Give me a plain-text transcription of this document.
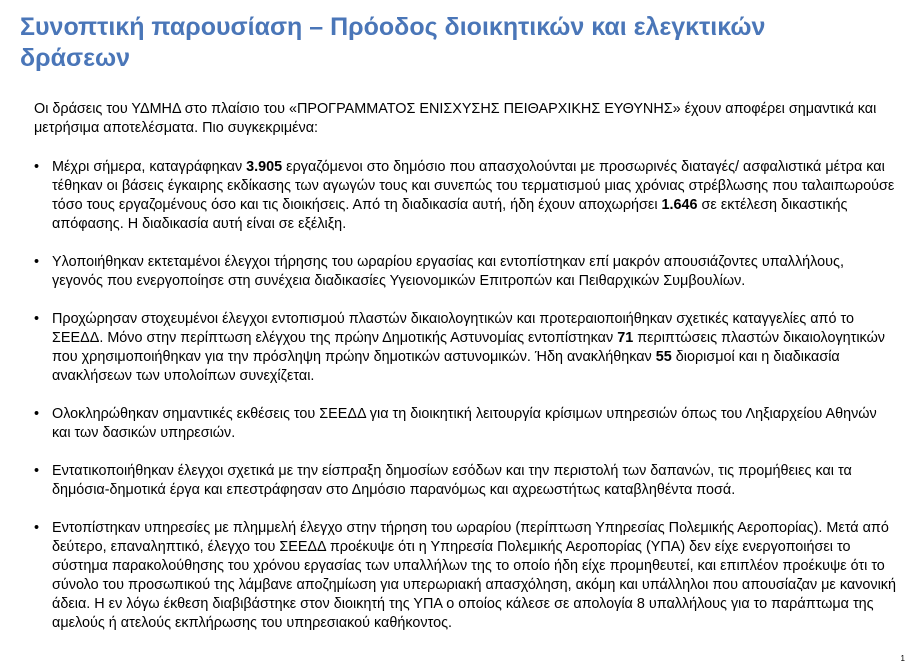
Συνοπτική παρουσίαση – Πρόοδος διοικητικών και ελεγκτικών δράσεων

Οι δράσεις του ΥΔΜΗΔ στο πλαίσιο του «ΠΡΟΓΡΑΜΜΑΤΟΣ ΕΝΙΣΧΥΣΗΣ ΠΕΙΘΑΡΧΙΚΗΣ ΕΥΘΥΝΗΣ» έχουν αποφέρει σημαντικά και μετρήσιμα αποτελέσματα. Πιο συγκεκριμένα:

• Μέχρι σήμερα, καταγράφηκαν 3.905 εργαζόμενοι στο δημόσιο που απασχολούνται με προσωρινές διαταγές/ ασφαλιστικά μέτρα και τέθηκαν οι βάσεις έγκαιρης εκδίκασης των αγωγών τους και συνεπώς του τερματισμού μιας χρόνιας στρέβλωσης που ταλαιπωρούσε τόσο τους εργαζομένους όσο και τις διοικήσεις. Από τη διαδικασία αυτή, ήδη έχουν αποχωρήσει 1.646 σε εκτέλεση δικαστικής απόφασης. Η διαδικασία αυτή είναι σε εξέλιξη.
• Υλοποιήθηκαν εκτεταμένοι έλεγχοι τήρησης του ωραρίου εργασίας και εντοπίστηκαν επί μακρόν απουσιάζοντες υπαλλήλους, γεγονός που ενεργοποίησε στη συνέχεια διαδικασίες Υγειονομικών Επιτροπών και Πειθαρχικών Συμβουλίων.
• Προχώρησαν στοχευμένοι έλεγχοι εντοπισμού πλαστών δικαιολογητικών και προτεραιοποιήθηκαν σχετικές καταγγελίες από το ΣΕΕΔΔ. Μόνο στην περίπτωση ελέγχου της πρώην Δημοτικής Αστυνομίας εντοπίστηκαν 71 περιπτώσεις πλαστών δικαιολογητικών που χρησιμοποιήθηκαν για την πρόσληψη πρώην δημοτικών αστυνομικών. Ήδη ανακλήθηκαν 55 διορισμοί και η διαδικασία ανακλήσεων των υπολοίπων συνεχίζεται.
• Ολοκληρώθηκαν σημαντικές εκθέσεις του ΣΕΕΔΔ για τη διοικητική λειτουργία κρίσιμων υπηρεσιών όπως του Ληξιαρχείου Αθηνών και των δασικών υπηρεσιών.
• Εντατικοποιήθηκαν έλεγχοι σχετικά με την είσπραξη δημοσίων εσόδων και την περιστολή των δαπανών, τις προμήθειες και τα δημόσια-δημοτικά έργα και επεστράφησαν στο Δημόσιο παρανόμως και αχρεωστήτως καταβληθέντα ποσά.
• Εντοπίστηκαν υπηρεσίες με πλημμελή έλεγχο στην τήρηση του ωραρίου (περίπτωση Υπηρεσίας Πολεμικής Αεροπορίας). Μετά από δεύτερο, επαναληπτικό, έλεγχο του ΣΕΕΔΔ προέκυψε ότι η Υπηρεσία Πολεμικής Αεροπορίας (ΥΠΑ) δεν είχε ενεργοποιήσει το σύστημα παρακολούθησης του χρόνου εργασίας των υπαλλήλων της το οποίο ήδη είχε προμηθευτεί, και επιπλέον προέκυψε ότι το σύνολο του προσωπικού της λάμβανε αποζημίωση για υπερωριακή απασχόληση, ακόμη και υπάλληλοι που απουσίαζαν με κανονική άδεια. Η εν λόγω έκθεση διαβιβάστηκε στον διοικητή της ΥΠΑ ο οποίος κάλεσε σε απολογία 8 υπαλλήλους για το παράπτωμα της αμελούς ή ατελούς εκπλήρωσης του υπηρεσιακού καθήκοντος.
1
